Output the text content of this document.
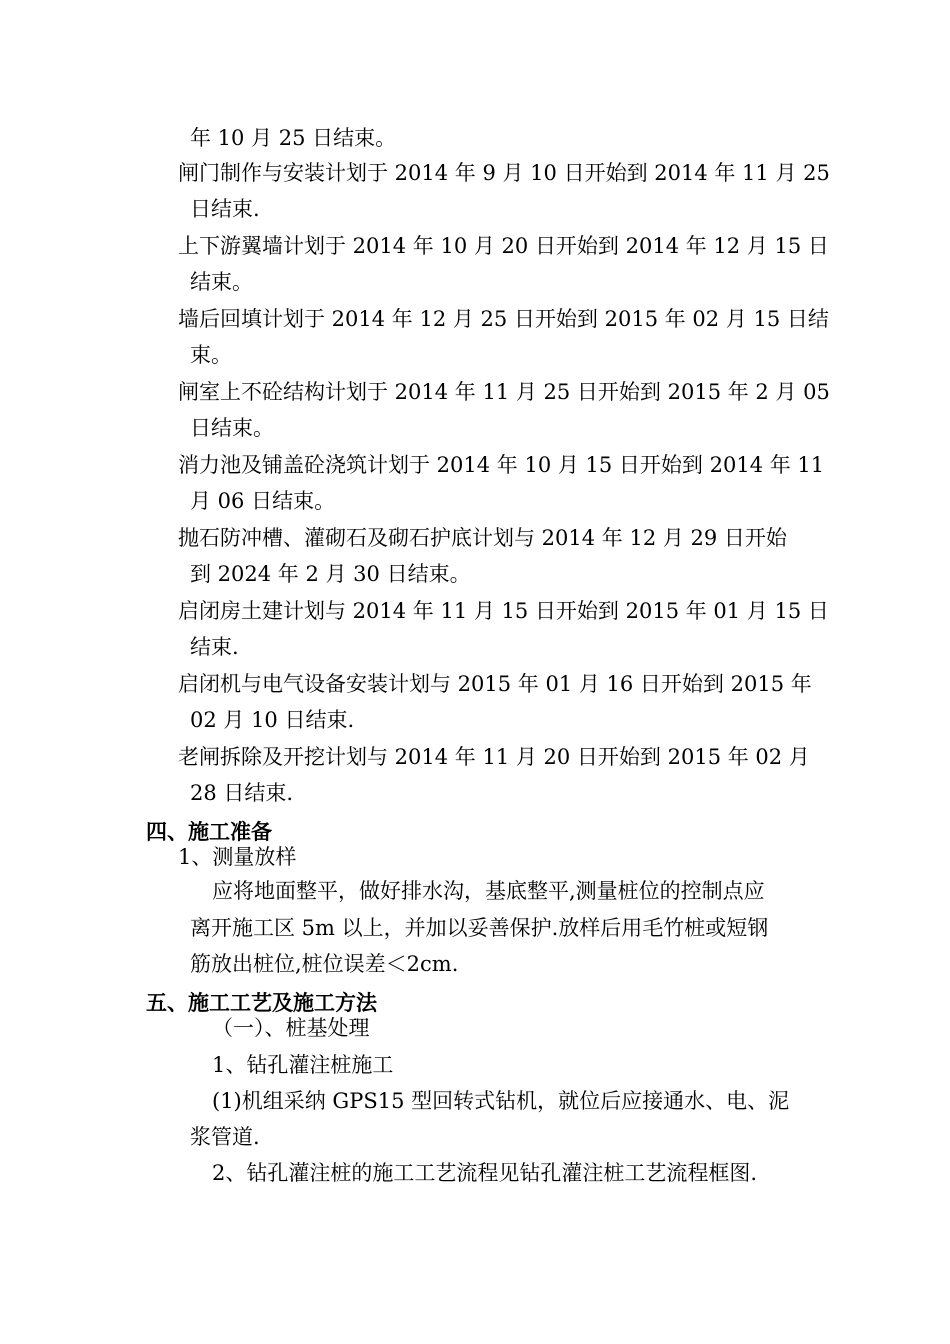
年 10 月 25 日结束。
闸门制作与安装计划于 2014 年 9 月 10 日开始到 2014 年 11 月 25
日结束.
上下游翼墙计划于 2014 年 10 月 20 日开始到 2014 年 12 月 15 日
结束。
墙后回填计划于 2014 年 12 月 25 日开始到 2015 年 02 月 15 日结
束。
闸室上不砼结构计划于 2014 年 11 月 25 日开始到 2015 年 2 月 05
日结束。
消力池及铺盖砼浇筑计划于 2014 年 10 月 15 日开始到 2014 年 11
月 06 日结束。
抛石防冲槽、灌砌石及砌石护底计划与 2014 年 12 月 29 日开始
到 2024 年 2 月 30 日结束。
启闭房土建计划与 2014 年 11 月 15 日开始到 2015 年 01 月 15 日
结束.
启闭机与电气设备安装计划与 2015 年 01 月 16 日开始到 2015 年
02 月 10 日结束.
老闸拆除及开挖计划与 2014 年 11 月 20 日开始到 2015 年 02 月
28 日结束.
四、施工准备
1、测量放样
应将地面整平，做好排水沟，基底整平,测量桩位的控制点应
离开施工区 5m 以上，并加以妥善保护.放样后用毛竹桩或短钢
筋放出桩位,桩位误差＜2cm.
五、施工工艺及施工方法
（一）、桩基处理
1、钻孔灌注桩施工
(1)机组采纳 GPS15 型回转式钻机，就位后应接通水、电、泥
浆管道.
2、钻孔灌注桩的施工工艺流程见钻孔灌注桩工艺流程框图.
